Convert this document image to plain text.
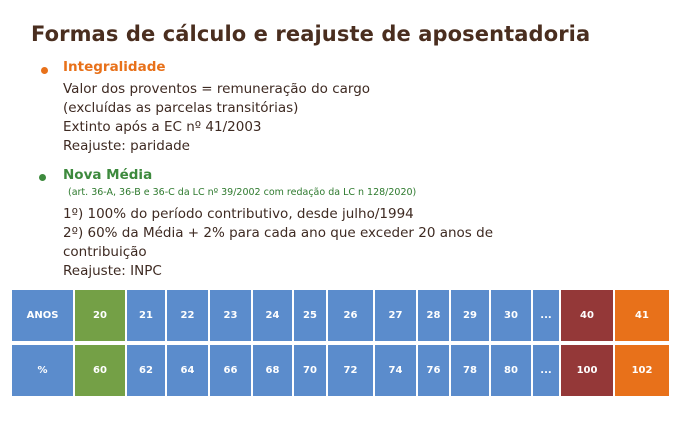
Formas de cálculo e reajuste de aposentadoria
Integralidade
Valor dos proventos = remuneração do cargo
(excluídas as parcelas transitórias)
Extinto após a EC nº 41/2003
Reajuste: paridade
Nova Média
(art. 36-A, 36-B e 36-C da LC nº 39/2002 com redação da LC n 128/2020)
1º) 100% do período contributivo, desde julho/1994
2º) 60% da Média + 2% para cada ano que exceder 20 anos de
contribuição
Reajuste: INPC
ANOS	20	21	22	23	24	25	26	27	28	29	30	...	40	41
%	60	62	64	66	68	70	72	74	76	78	80	...	100	102
